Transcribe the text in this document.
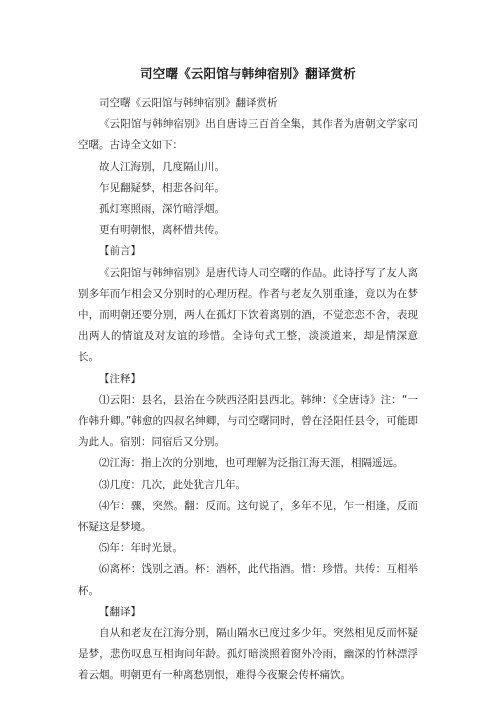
司空曙《云阳馆与韩绅宿别》翻译赏析

司空曙《云阳馆与韩绅宿别》翻译赏析

《云阳馆与韩绅宿别》出自唐诗三百首全集，其作者为唐朝文学家司空曙。古诗全文如下：

故人江海别，几度隔山川。

乍见翻疑梦，相悲各问年。

孤灯寒照雨，深竹暗浮烟。

更有明朝恨，离杯惜共传。

【前言】

《云阳馆与韩绅宿别》是唐代诗人司空曙的作品。此诗抒写了友人离别多年而乍相会又分别时的心理历程。作者与老友久别重逢，竟以为在梦中，而明朝还要分别，两人在孤灯下饮着离别的酒，不觉恋恋不舍，表现出两人的情谊及对友谊的珍惜。全诗句式工整，淡淡道来，却是情深意长。

【注释】

⑴云阳：县名，县治在今陕西泾阳县西北。韩绅：《全唐诗》注：“一作韩升卿。”韩愈的四叔名绅卿，与司空曙同时，曾在泾阳任县令，可能即为此人。宿别：同宿后又分别。

⑵江海：指上次的分别地，也可理解为泛指江海天涯，相隔遥远。

⑶几度：几次，此处犹言几年。

⑷乍：骤，突然。翻：反而。这句说了，多年不见，乍一相逢，反而怀疑这是梦境。

⑸年：年时光景。

⑹离杯：饯别之酒。杯：酒杯，此代指酒。惜：珍惜。共传：互相举杯。

【翻译】

自从和老友在江海分别，隔山隔水已度过多少年。突然相见反而怀疑是梦，悲伤叹息互相询问年龄。孤灯暗淡照着窗外冷雨，幽深的竹林漂浮着云烟。明朝更有一种离愁别恨，难得今夜聚会传杯痛饮。
